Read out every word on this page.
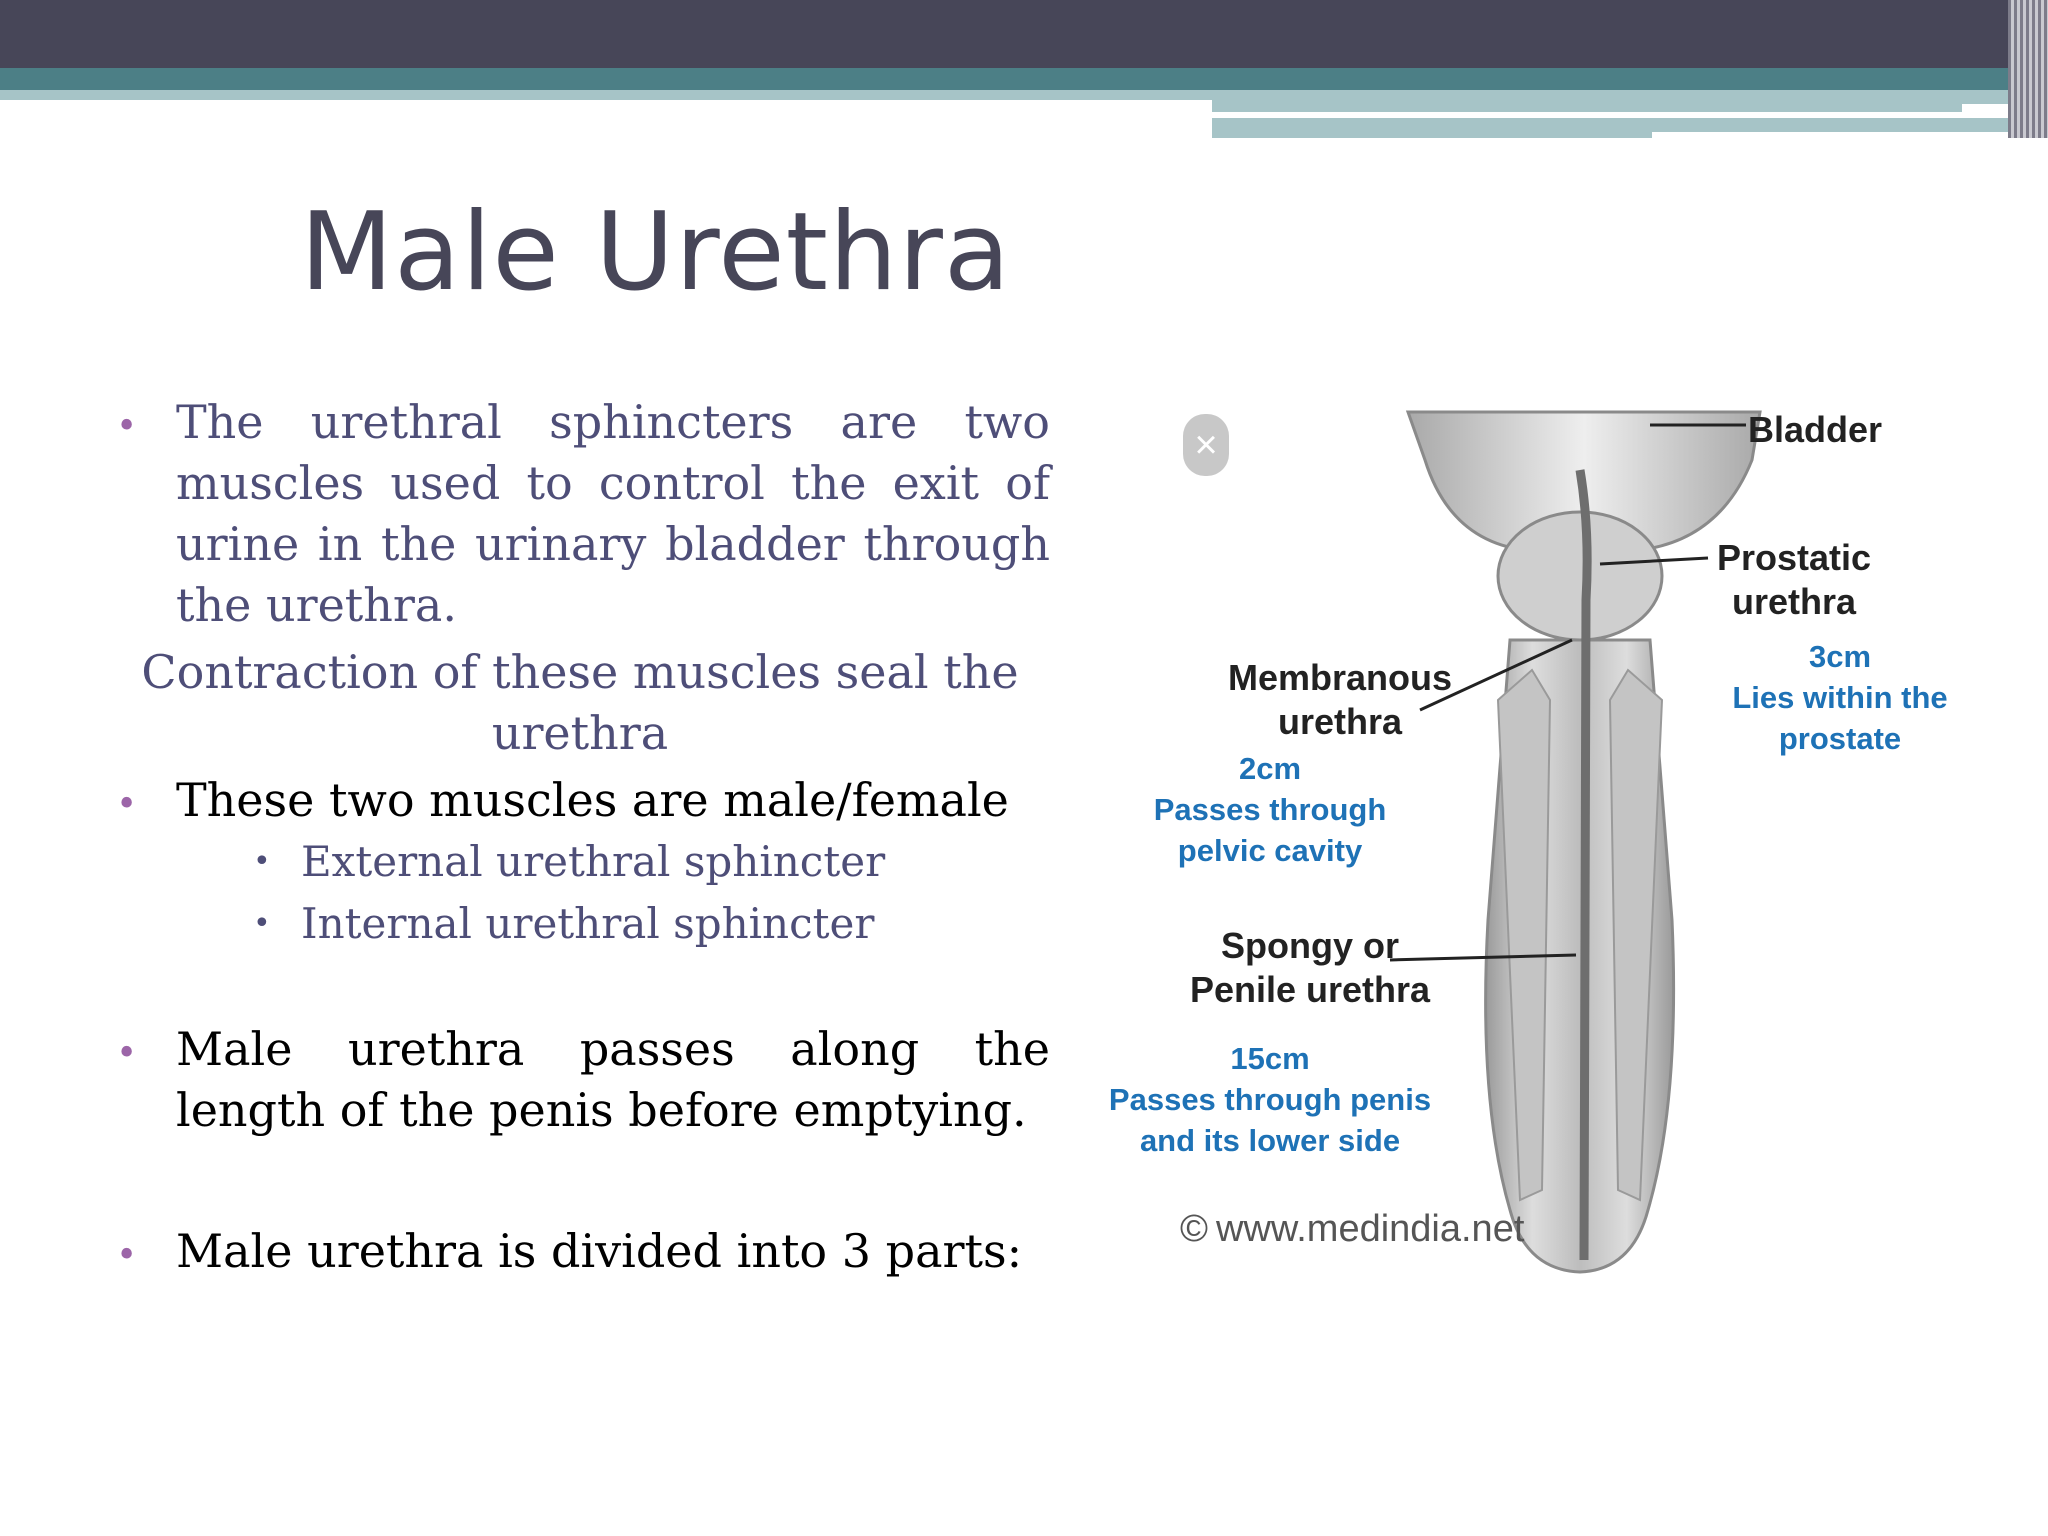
Male Urethra
• The urethral sphincters are two muscles used to control the exit of urine in the urinary bladder through the urethra.
Contraction of these muscles seal the urethra
• These two muscles are male/female
• External urethral sphincter
• Internal urethral sphincter
• Male urethra passes along the length of the penis before emptying.
• Male urethra is divided into 3 parts:
×	Bladder
Prostatic
urethra
3cm
Lies within the
prostate
Membranous
urethra
2cm
Passes through
pelvic cavity
Spongy or
Penile urethra
15cm
Passes through penis
and its lower side
© www.medindia.net
